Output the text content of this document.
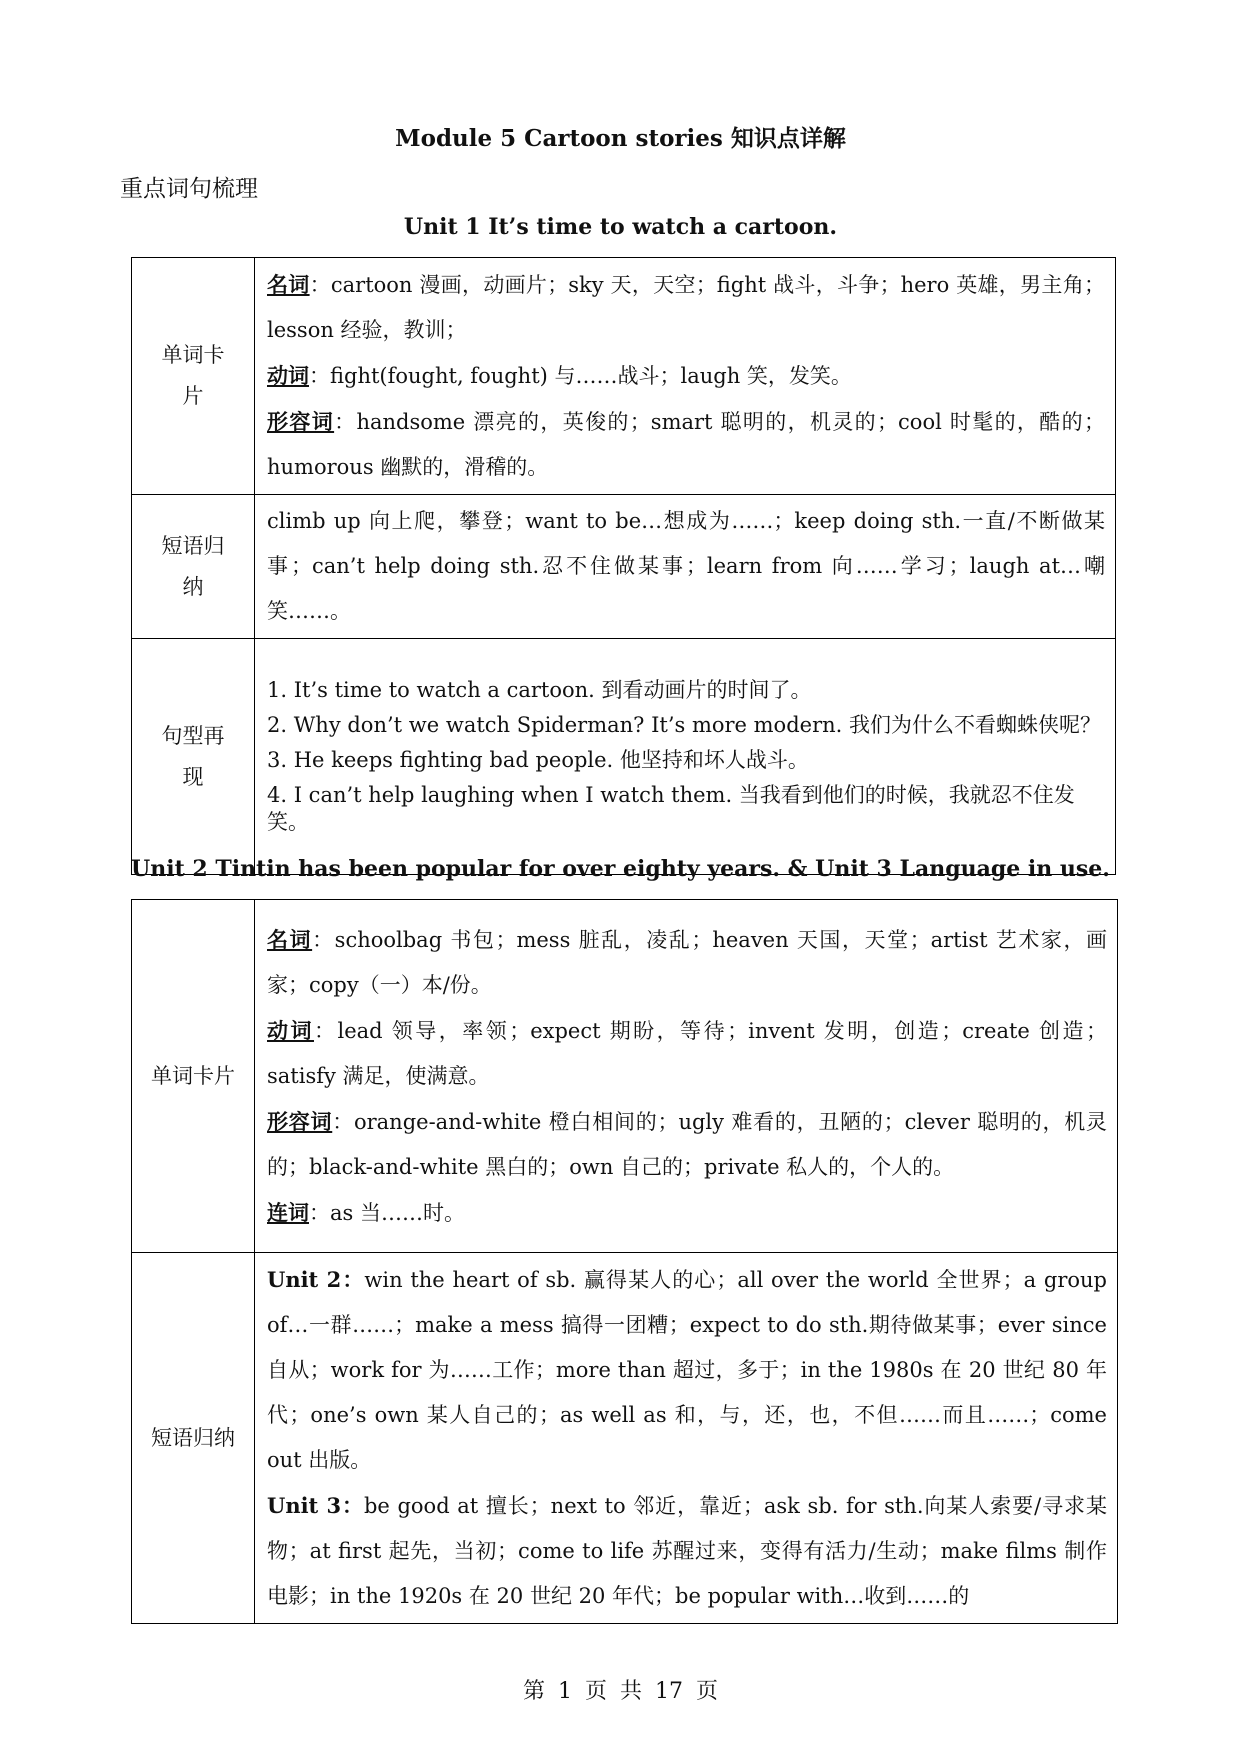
Module 5 Cartoon stories 知识点详解
重点词句梳理
Unit 1 It’s time to watch a cartoon.
单词卡片	名词：cartoon 漫画，动画片；sky 天，天空；fight 战斗，斗争；hero 英雄，男主角；lesson 经验，教训；
动词：fight(fought, fought) 与……战斗；laugh 笑，发笑。
形容词：handsome 漂亮的，英俊的；smart 聪明的，机灵的；cool 时髦的，酷的；humorous 幽默的，滑稽的。

短语归纳	climb up 向上爬，攀登；want to be…想成为……；keep doing sth.一直/不断做某事；can’t help doing sth.忍不住做某事；learn from 向……学习；laugh at…嘲笑……。
句型再现	1. It’s time to watch a cartoon. 到看动画片的时间了。
2. Why don’t we watch Spiderman? It’s more modern. 我们为什么不看蜘蛛侠呢？
3. He keeps fighting bad people. 他坚持和坏人战斗。
4. I can’t help laughing when I watch them. 当我看到他们的时候，我就忍不住发笑。
Unit 2 Tintin has been popular for over eighty years. & Unit 3 Language in use.
单词卡片	名词：schoolbag 书包；mess 脏乱，凌乱；heaven 天国，天堂；artist 艺术家，画家；copy（一）本/份。
动词：lead 领导，率领；expect 期盼，等待；invent 发明，创造；create 创造；satisfy 满足，使满意。
形容词：orange-and-white 橙白相间的；ugly 难看的，丑陋的；clever 聪明的，机灵的；black-and-white 黑白的；own 自己的；private 私人的，个人的。
连词：as 当……时。

短语归纳	Unit 2：win the heart of sb. 赢得某人的心；all over the world 全世界；a group of…一群……；make a mess 搞得一团糟；expect to do sth.期待做某事；ever since 自从；work for 为……工作；more than 超过，多于；in the 1980s 在 20 世纪 80 年代；one’s own 某人自己的；as well as 和，与，还，也，不但……而且……；come out 出版。
Unit 3：be good at 擅长；next to 邻近，靠近；ask sb. for sth.向某人索要/寻求某物；at first 起先，当初；come to life 苏醒过来，变得有活力/生动；make films 制作电影；in the 1920s 在 20 世纪 20 年代；be popular with…收到……的
第 1 页 共 17 页
